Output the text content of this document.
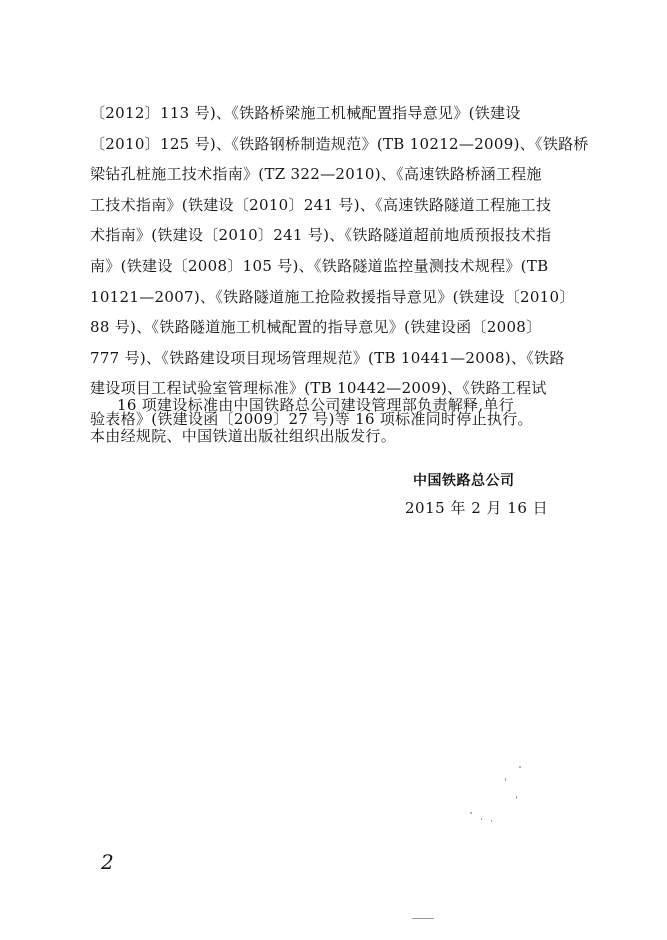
〔2012〕113 号)、《铁路桥梁施工机械配置指导意见》(铁建设
〔2010〕125 号)、《铁路钢桥制造规范》(TB 10212—2009)、《铁路桥
梁钻孔桩施工技术指南》(TZ 322—2010)、《高速铁路桥涵工程施
工技术指南》(铁建设〔2010〕241 号)、《高速铁路隧道工程施工技
术指南》(铁建设〔2010〕241 号)、《铁路隧道超前地质预报技术指
南》(铁建设〔2008〕105 号)、《铁路隧道监控量测技术规程》(TB
10121—2007)、《铁路隧道施工抢险救援指导意见》(铁建设〔2010〕
88 号)、《铁路隧道施工机械配置的指导意见》(铁建设函〔2008〕
777 号)、《铁路建设项目现场管理规范》(TB 10441—2008)、《铁路
建设项目工程试验室管理标准》(TB 10442—2009)、《铁路工程试
验表格》(铁建设函〔2009〕27 号)等 16 项标准同时停止执行。
16 项建设标准由中国铁路总公司建设管理部负责解释,单行
本由经规院、中国铁道出版社组织出版发行。
中国铁路总公司
2015 年 2 月 16 日
2
